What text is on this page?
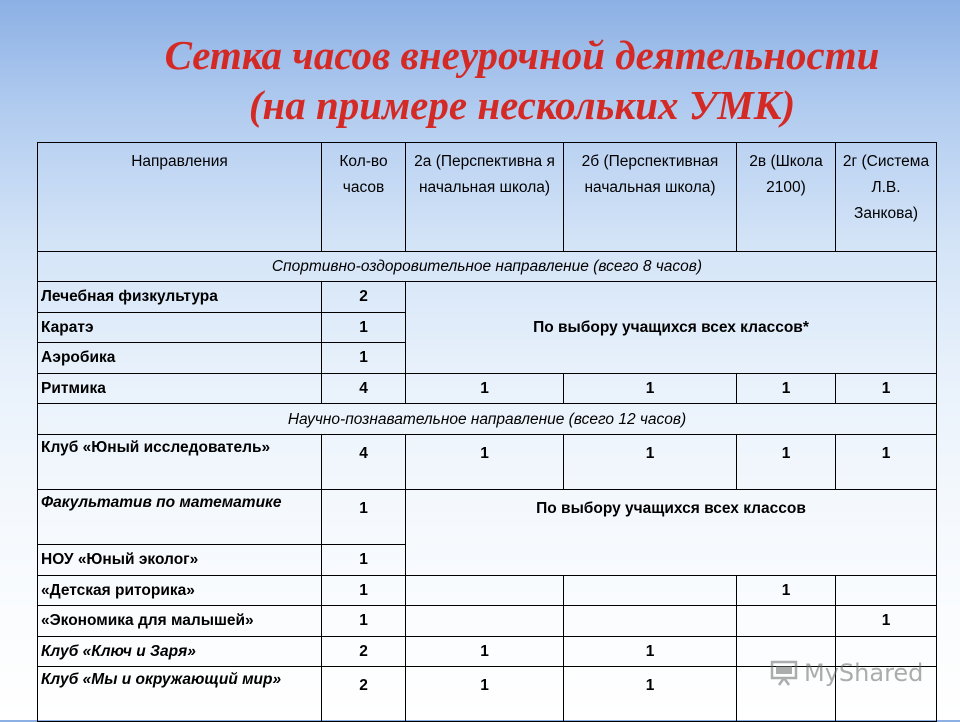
Сетка часов внеурочной деятельности
(на примере нескольких УМК)
Направления	Кол-во часов	2а (Перспективна я начальная школа)	2б (Перспективная начальная школа)	2в (Школа 2100)	2г (Система Л.В. Занкова)
Спортивно-оздоровительное направление (всего 8 часов)					
Лечебная физкультура	2	По выбору учащихся всех классов*			
Каратэ	1				
Аэробика	1				
Ритмика	4	1	1	1	1
Научно-познавательное направление (всего 12 часов)					
Клуб «Юный исследователь»	4	1	1	1	1
Факультатив по математике	1	По выбору учащихся всех классов			
НОУ «Юный эколог»	1				
«Детская риторика»	1			1	
«Экономика для малышей»	1				1
Клуб «Ключ и Заря»	2	1	1		
Клуб «Мы и окружающий мир»	2	1	1			MyShared
